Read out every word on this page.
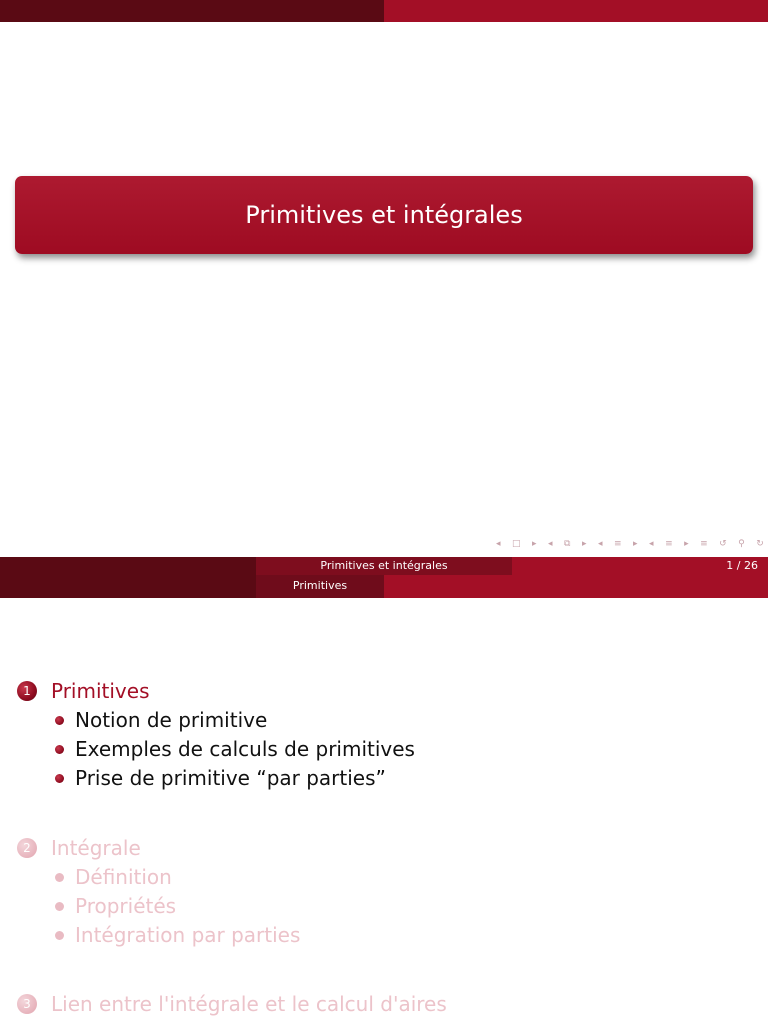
Primitives et intégrales
◂ □ ▸ ◂ ⧉ ▸ ◂ ≡ ▸ ◂ ≡ ▸ ≡ ↺ ⚲ ↻
Primitives et intégrales	1 / 26
Primitives
1	Primitives
Notion de primitive
Exemples de calculs de primitives
Prise de primitive “par parties”
2	Intégrale
Définition
Propriétés
Intégration par parties
3	Lien entre l'intégrale et le calcul d'aires
